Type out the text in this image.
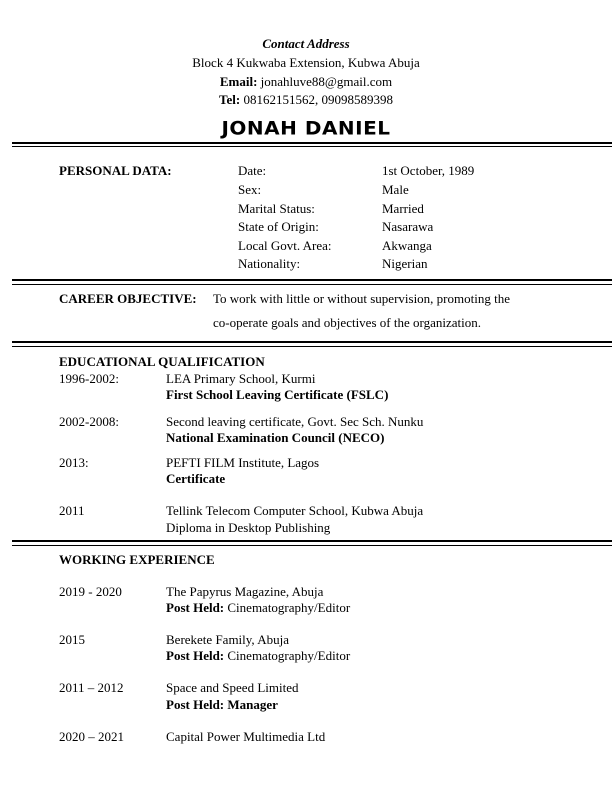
Contact Address
Block 4 Kukwaba Extension, Kubwa Abuja
Email: jonahluve88@gmail.com
Tel: 08162151562, 09098589398
JONAH DANIEL
PERSONAL DATA:	Date:	1st October, 1989
Sex:	Male
Marital Status:	Married
State of Origin:	Nasarawa
Local Govt. Area:	Akwanga
Nationality:	Nigerian
CAREER OBJECTIVE: To work with little or without supervision, promoting the
co-operate goals and objectives of the organization.
EDUCATIONAL QUALIFICATION
1996-2002:	LEA Primary School, Kurmi
First School Leaving Certificate (FSLC)
2002-2008:	Second leaving certificate, Govt. Sec Sch. Nunku
National Examination Council (NECO)
2013:	PEFTI FILM Institute, Lagos
Certificate
2011	Tellink Telecom Computer School, Kubwa Abuja
Diploma in Desktop Publishing
WORKING EXPERIENCE
2019 - 2020	The Papyrus Magazine, Abuja
Post Held: Cinematography/Editor
2015	Berekete Family, Abuja
Post Held: Cinematography/Editor
2011 – 2012	Space and Speed Limited
Post Held: Manager
2020 – 2021	Capital Power Multimedia Ltd
